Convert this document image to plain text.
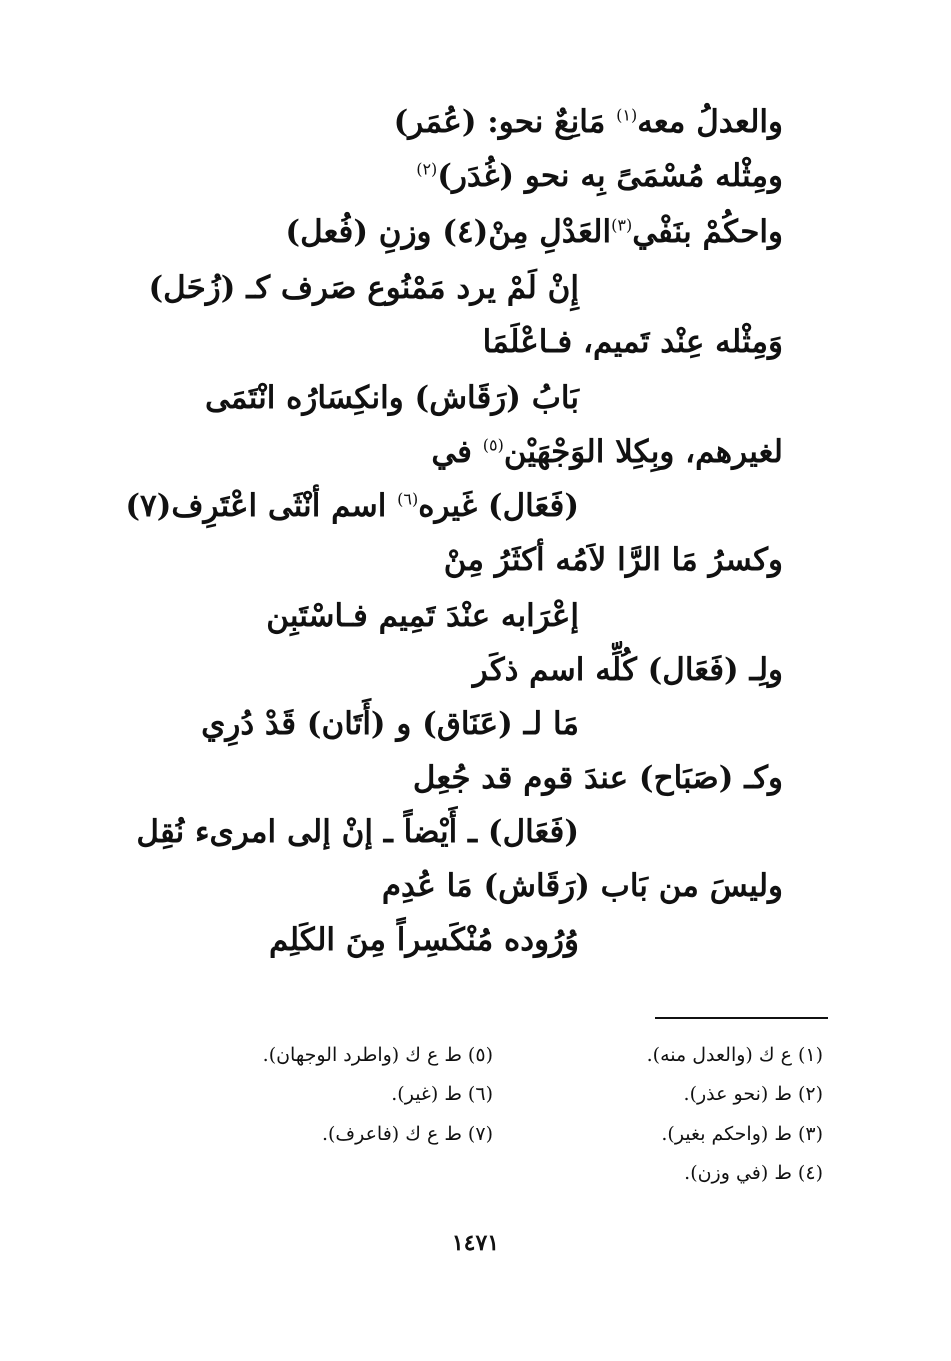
والعدلُ معه$^{(١)}$ مَانِعٌ نحو: (عُمَر)
ومِثْله مُسْمَىً بِه نحو (غُدَر)$^{(٢)}$
واحكُمْ بنَفْي$^{(٣)}$العَدْلِ مِنْ(٤) وزنِ (فُعل)
إِنْ لَمْ يرد مَمْنُوع صَرف كـ (زُحَل)
وَمِثْله عِنْد تَميم، فـاعْلَمَا
بَابُ (رَقَاش) وانكِسَارُه انْتَمَى
لغيرهم، وبِكِلا الوَجْهَيْن$^{(٥)}$ في
(فَعَال) غَيره$^{(٦)}$ اسم أنْثَى اعْتَرِف(٧)
وكسرُ مَا الرَّا لاَمُه أكثَرُ مِنْ
إعْرَابه عنْدَ تَمِيم فـاسْتَبِن
ولِـ (فَعَال) كُلِّه اسم ذكَر
مَا لـ (عَنَاق) و (أَتَان) قَدْ دُرِي
وكـ (صَبَاح) عندَ قوم قد جُعِل
(فَعَال) ـ أَيْضاً ـ إنْ إلى امرىء نُقِل
وليسَ من بَاب (رَقَاش) مَا عُدِم
وُرُوده مُنْكَسِراً مِنَ الكَلِم
(١) ع ك (والعدل منه).
(٢) ط (نحو عذر).
(٣) ط (واحكم بغير).
(٤) ط (في وزن).
(٥) ط ع ك (واطرد الوجهان).
(٦) ط (غير).
(٧) ط ع ك (فاعرف).
١٤٧١
